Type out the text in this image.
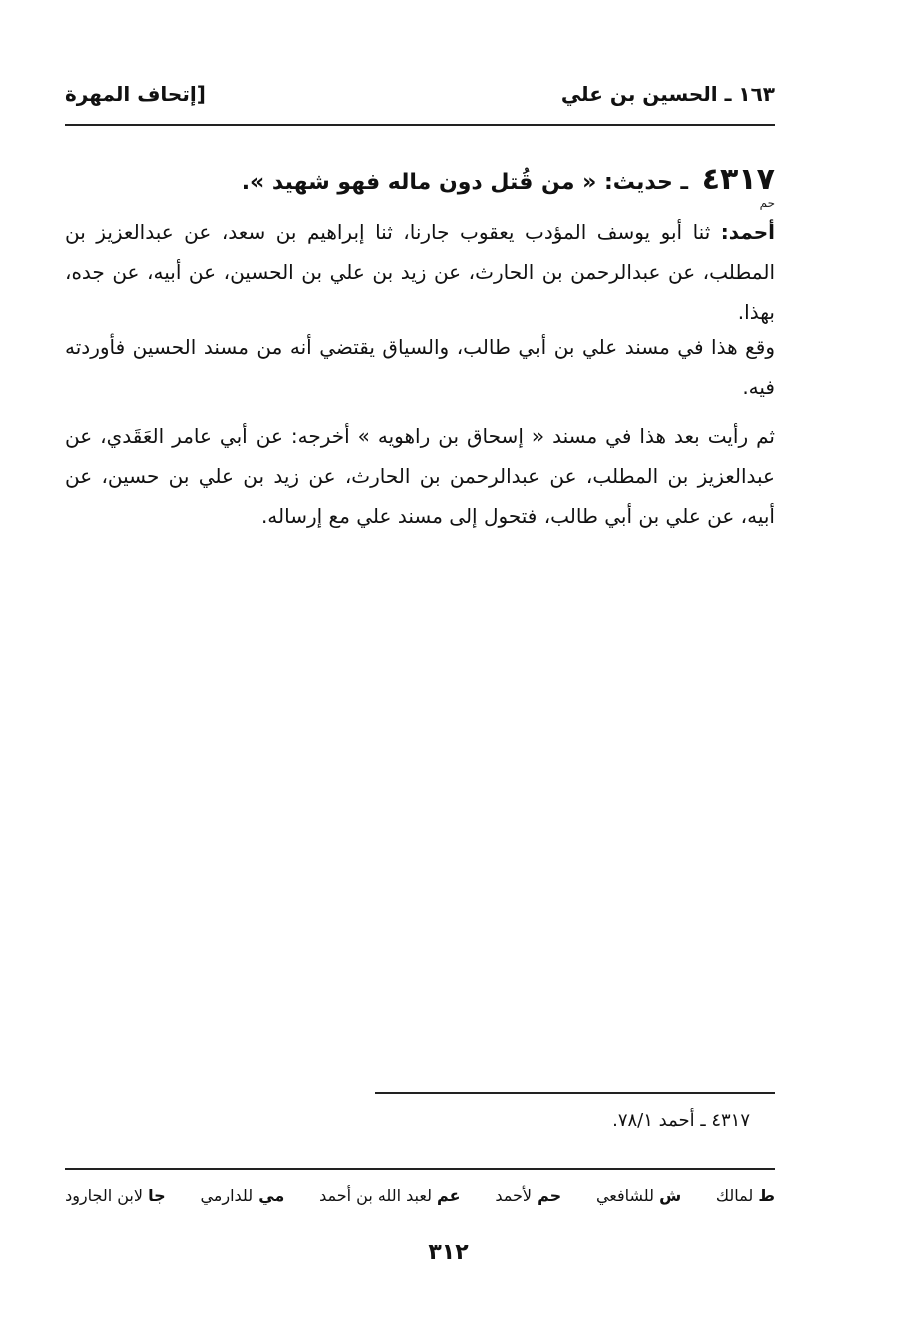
١٦٣ ـ الحسين بن علي
[إتحاف المهرة
٤٣١٧ ـ حديث: « من قُتل دون ماله فهو شهيد ».
حم
أحمد: ثنا أبو يوسف المؤدب يعقوب جارنا، ثنا إبراهيم بن سعد، عن عبدالعزيز بن المطلب، عن عبدالرحمن بن الحارث، عن زيد بن علي بن الحسين، عن أبيه، عن جده، بهذا.
وقع هذا في مسند علي بن أبي طالب، والسياق يقتضي أنه من مسند الحسين فأوردته فيه.
ثم رأيت بعد هذا في مسند « إسحاق بن راهويه » أخرجه: عن أبي عامر العَقَدي، عن عبدالعزيز بن المطلب، عن عبدالرحمن بن الحارث، عن زيد بن علي بن حسين، عن أبيه، عن علي بن أبي طالب، فتحول إلى مسند علي مع إرساله.
٤٣١٧ ـ أحمد ٧٨/١.
ط لمالك
ش للشافعي
حم لأحمد
عم لعبد الله بن أحمد
مي للدارمي
جا لابن الجارود
٣١٢
